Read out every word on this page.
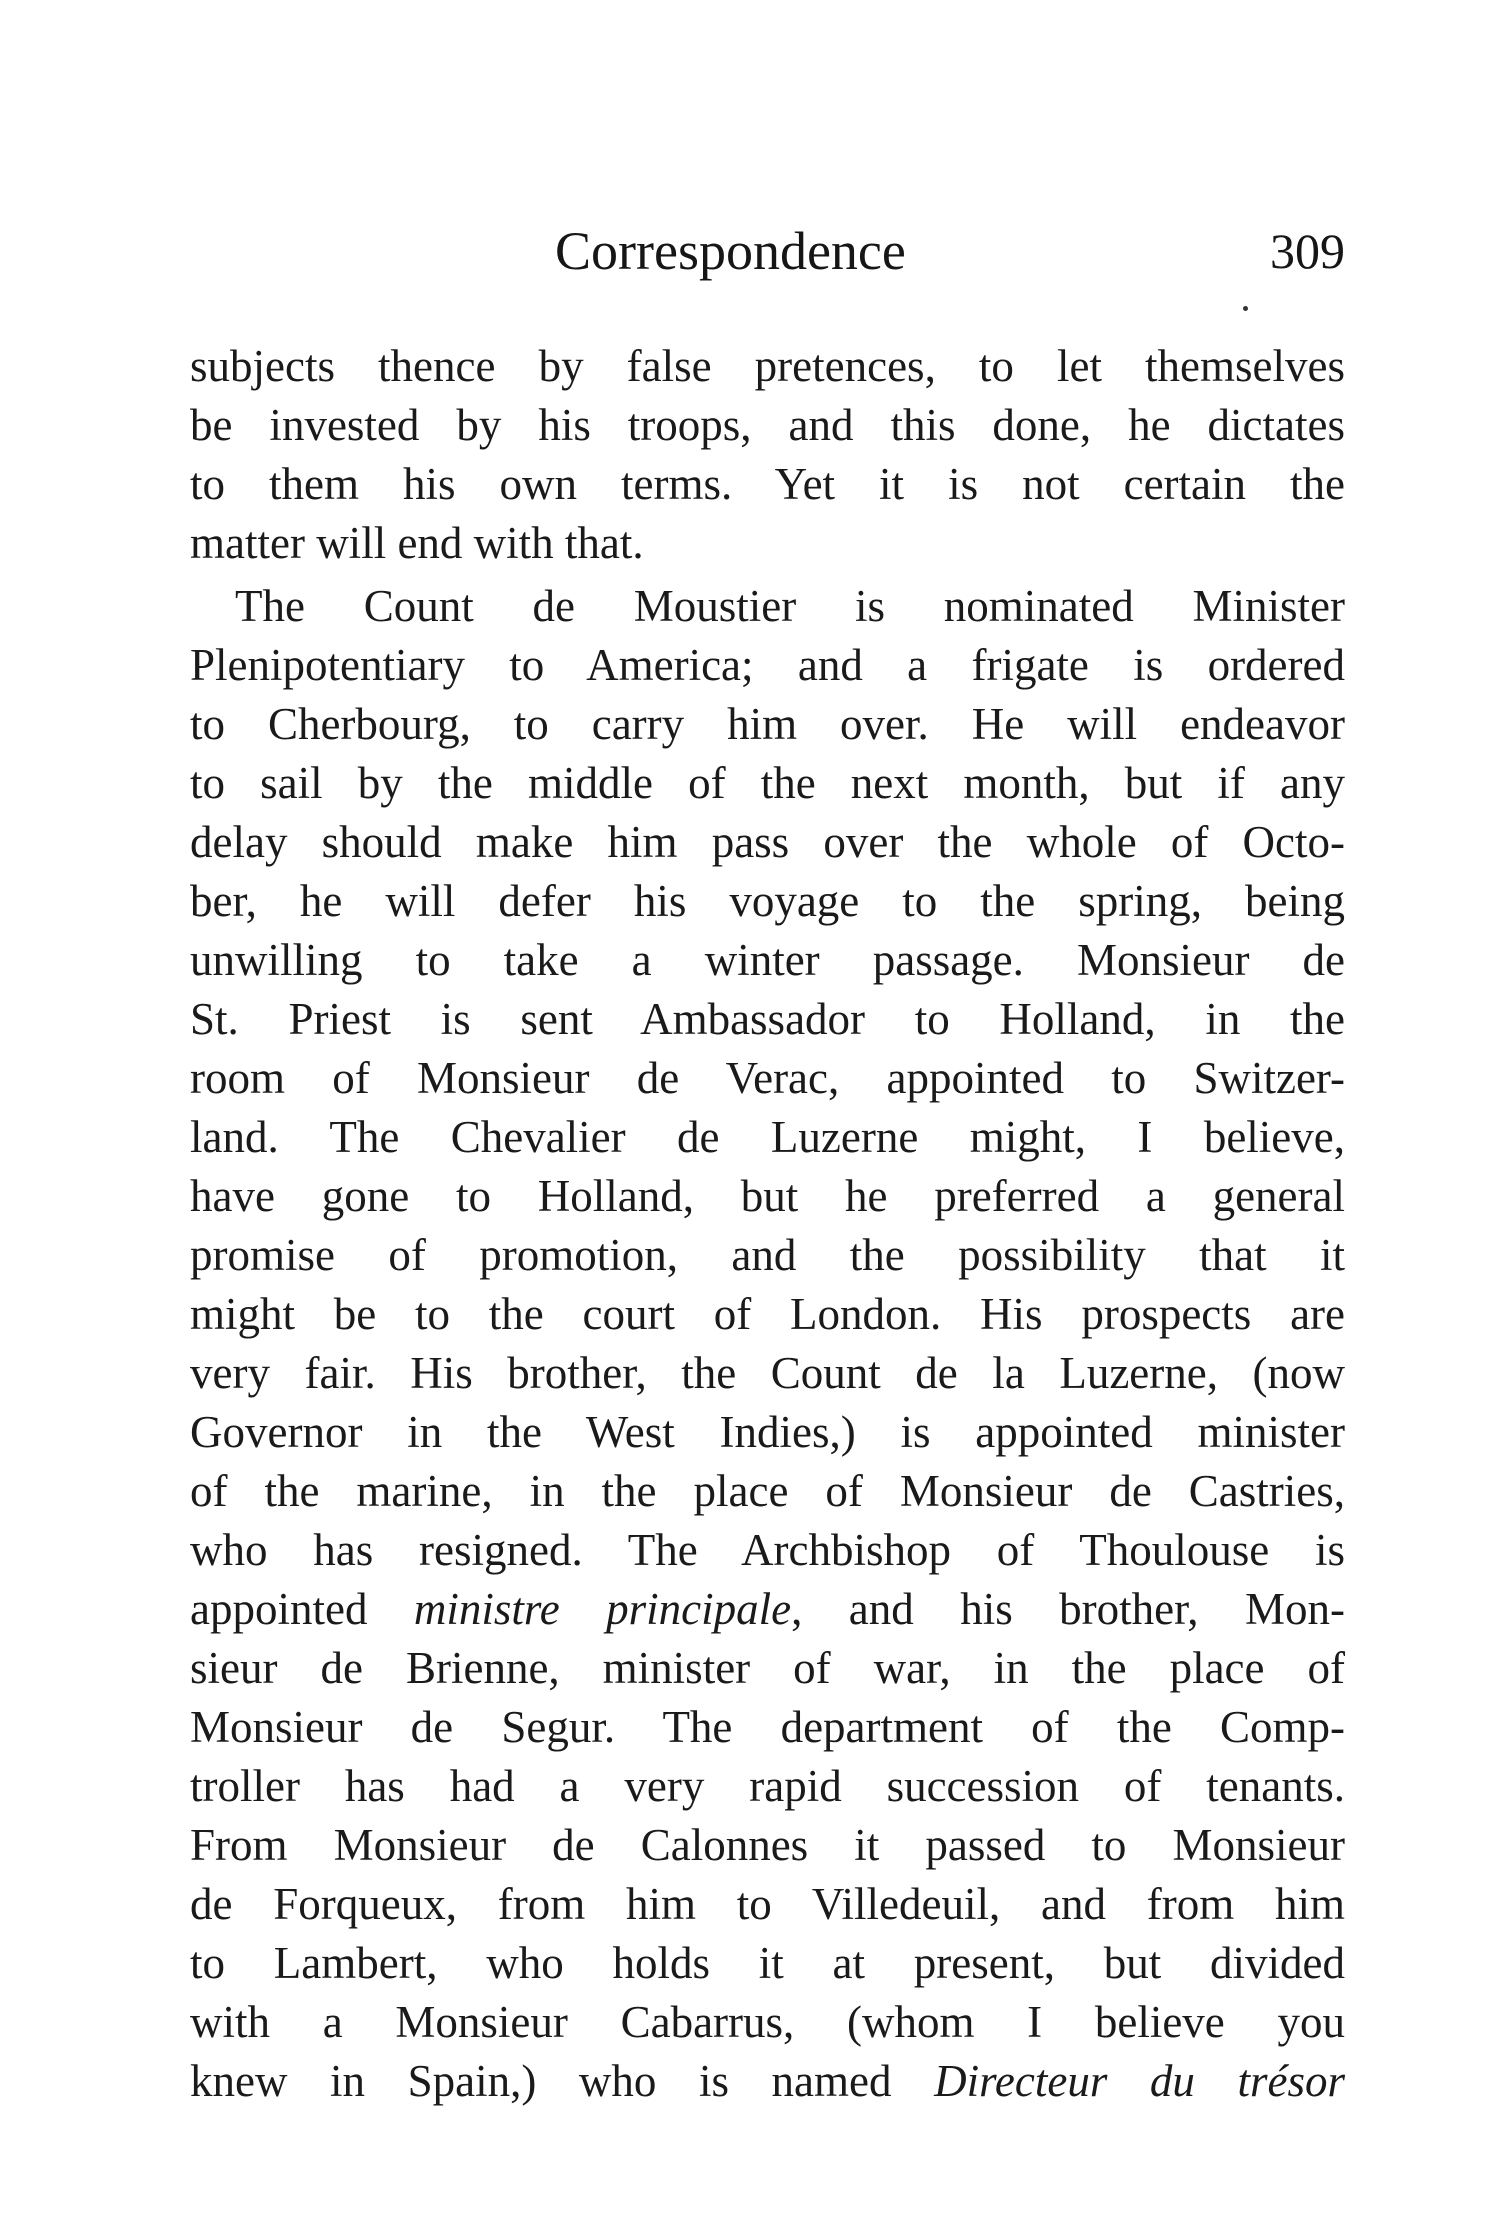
Correspondence	309
subjects thence by false pretences, to let themselves
be invested by his troops, and this done, he dictates
to them his own terms. Yet it is not certain the
matter will end with that.
The Count de Moustier is nominated Minister
Plenipotentiary to America; and a frigate is ordered
to Cherbourg, to carry him over. He will endeavor
to sail by the middle of the next month, but if any
delay should make him pass over the whole of Octo-
ber, he will defer his voyage to the spring, being
unwilling to take a winter passage. Monsieur de
St. Priest is sent Ambassador to Holland, in the
room of Monsieur de Verac, appointed to Switzer-
land. The Chevalier de Luzerne might, I believe,
have gone to Holland, but he preferred a general
promise of promotion, and the possibility that it
might be to the court of London. His prospects are
very fair. His brother, the Count de la Luzerne, (now
Governor in the West Indies,) is appointed minister
of the marine, in the place of Monsieur de Castries,
who has resigned. The Archbishop of Thoulouse is
appointed ministre principale, and his brother, Mon-
sieur de Brienne, minister of war, in the place of
Monsieur de Segur. The department of the Comp-
troller has had a very rapid succession of tenants.
From Monsieur de Calonnes it passed to Monsieur
de Forqueux, from him to Villedeuil, and from him
to Lambert, who holds it at present, but divided
with a Monsieur Cabarrus, (whom I believe you
knew in Spain,) who is named Directeur du trésor
